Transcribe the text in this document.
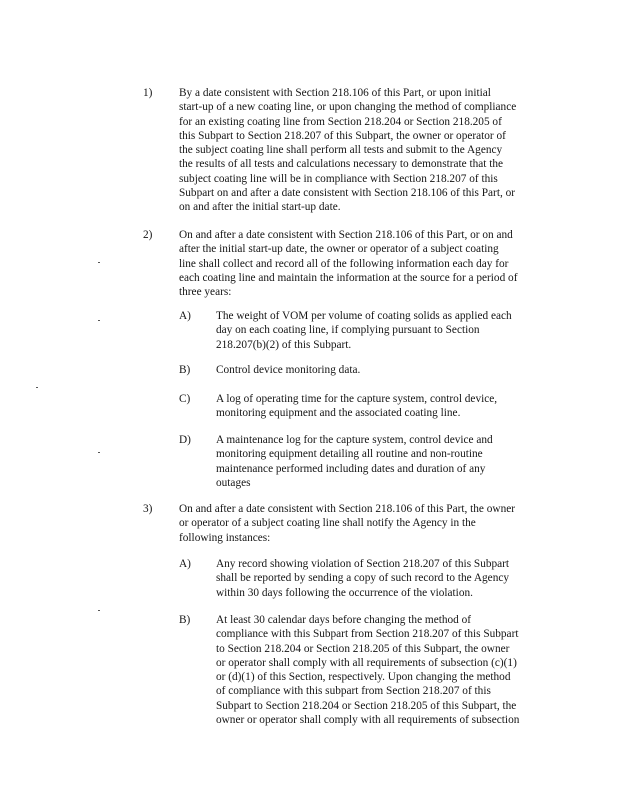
1) By a date consistent with Section 218.106 of this Part, or upon initial
start-up of a new coating line, or upon changing the method of compliance
for an existing coating line from Section 218.204 or Section 218.205 of
this Subpart to Section 218.207 of this Subpart, the owner or operator of
the subject coating line shall perform all tests and submit to the Agency
the results of all tests and calculations necessary to demonstrate that the
subject coating line will be in compliance with Section 218.207 of this
Subpart on and after a date consistent with Section 218.106 of this Part, or
on and after the initial start-up date.
2) On and after a date consistent with Section 218.106 of this Part, or on and
after the initial start-up date, the owner or operator of a subject coating
line shall collect and record all of the following information each day for
each coating line and maintain the information at the source for a period of
three years:
A) The weight of VOM per volume of coating solids as applied each
day on each coating line, if complying pursuant to Section
218.207(b)(2) of this Subpart.
B) Control device monitoring data.
C) A log of operating time for the capture system, control device,
monitoring equipment and the associated coating line.
D) A maintenance log for the capture system, control device and
monitoring equipment detailing all routine and non-routine
maintenance performed including dates and duration of any
outages
3) On and after a date consistent with Section 218.106 of this Part, the owner
or operator of a subject coating line shall notify the Agency in the
following instances:
A) Any record showing violation of Section 218.207 of this Subpart
shall be reported by sending a copy of such record to the Agency
within 30 days following the occurrence of the violation.
B) At least 30 calendar days before changing the method of
compliance with this Subpart from Section 218.207 of this Subpart
to Section 218.204 or Section 218.205 of this Subpart, the owner
or operator shall comply with all requirements of subsection (c)(1)
or (d)(1) of this Section, respectively. Upon changing the method
of compliance with this subpart from Section 218.207 of this
Subpart to Section 218.204 or Section 218.205 of this Subpart, the
owner or operator shall comply with all requirements of subsection
